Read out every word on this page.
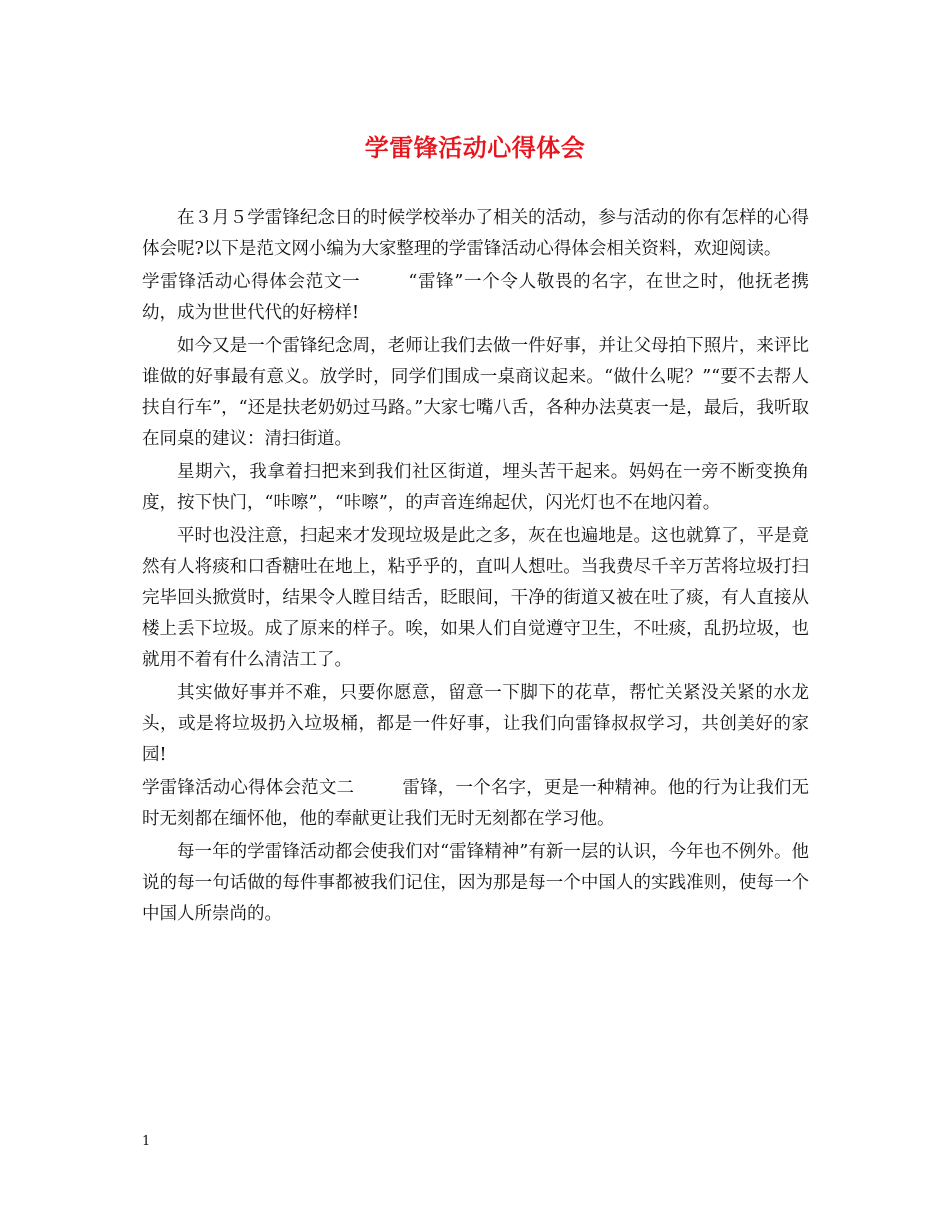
学雷锋活动心得体会

在３月５学雷锋纪念日的时候学校举办了相关的活动，参与活动的你有怎样的心得体会呢?以下是范文网小编为大家整理的学雷锋活动心得体会相关资料，欢迎阅读。

学雷锋活动心得体会范文一	“雷锋”一个令人敬畏的名字，在世之时，他抚老携幼，成为世世代代的好榜样!

如今又是一个雷锋纪念周，老师让我们去做一件好事，并让父母拍下照片，来评比谁做的好事最有意义。放学时，同学们围成一桌商议起来。“做什么呢？”“要不去帮人扶自行车”，“还是扶老奶奶过马路。”大家七嘴八舌，各种办法莫衷一是，最后，我听取在同桌的建议：清扫街道。

星期六，我拿着扫把来到我们社区街道，埋头苦干起来。妈妈在一旁不断变换角度，按下快门，“咔嚓”，“咔嚓”，的声音连绵起伏，闪光灯也不在地闪着。

平时也没注意，扫起来才发现垃圾是此之多，灰在也遍地是。这也就算了，平是竟然有人将痰和口香糖吐在地上，粘乎乎的，直叫人想吐。当我费尽千辛万苦将垃圾打扫完毕回头掀赏时，结果令人瞠目结舌，眨眼间，干净的街道又被在吐了痰，有人直接从楼上丢下垃圾。成了原来的样子。唉，如果人们自觉遵守卫生，不吐痰，乱扔垃圾，也就用不着有什么清洁工了。

其实做好事并不难，只要你愿意，留意一下脚下的花草，帮忙关紧没关紧的水龙头，或是将垃圾扔入垃圾桶，都是一件好事，让我们向雷锋叔叔学习，共创美好的家园!

学雷锋活动心得体会范文二	雷锋，一个名字，更是一种精神。他的行为让我们无时无刻都在缅怀他，他的奉献更让我们无时无刻都在学习他。

每一年的学雷锋活动都会使我们对“雷锋精神”有新一层的认识，今年也不例外。他说的每一句话做的每件事都被我们记住，因为那是每一个中国人的实践准则，使每一个中国人所崇尚的。

1
